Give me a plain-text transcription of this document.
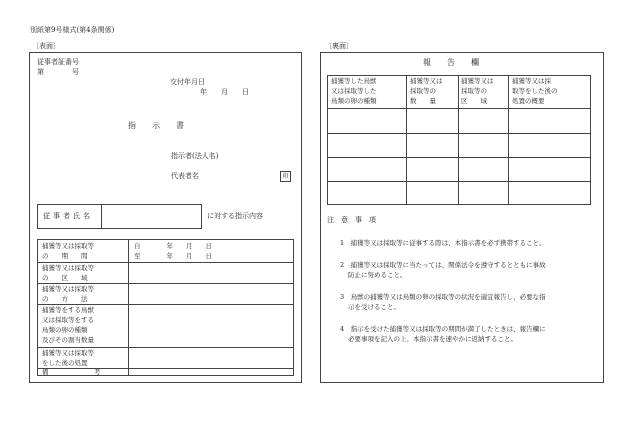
別紙第9号様式(第4条関係)
〔表面〕
従事者証番号
第　　　　号
交付年月日
年　　月　　日
指　　示　　書
指示者(法人名)
代表者名	印
従事者氏名	に対する指示内容
捕獲等又は採取等
の　　期　　間
自　　　　年　　月　　日
至　　　　年　　月　　日
捕獲等又は採取等
の　　区　　域
捕獲等又は採取等
の　　方　　法
捕獲等をする鳥獣
又は採取等をする
鳥類の卵の種類
及びその割当数量
捕獲等又は採取等
をした後の処置
備　　　　　　　考
〔裏面〕
報　　告　　欄
捕獲等した鳥獣
又は採取等した
鳥類の卵の種類
捕獲等又は
採取等の
数　　量
捕獲等又は
採取等の
区　　域
捕獲等又は採
取等をした後の
処置の概要
注　意　事　項
1　捕獲等又は採取等に従事する際は、本指示書を必ず携帯すること。
2　捕獲等又は採取等に当たっては、関係法令を遵守するとともに事故
防止に努めること。
3　鳥獣の捕獲等又は鳥類の卵の採取等の状況を適宜報告し、必要な指
示を受けること。
4　指示を受けた捕獲等又は採取等の期間が満了したときは、報告欄に
必要事項を記入の上、本指示書を速やかに返納すること。
